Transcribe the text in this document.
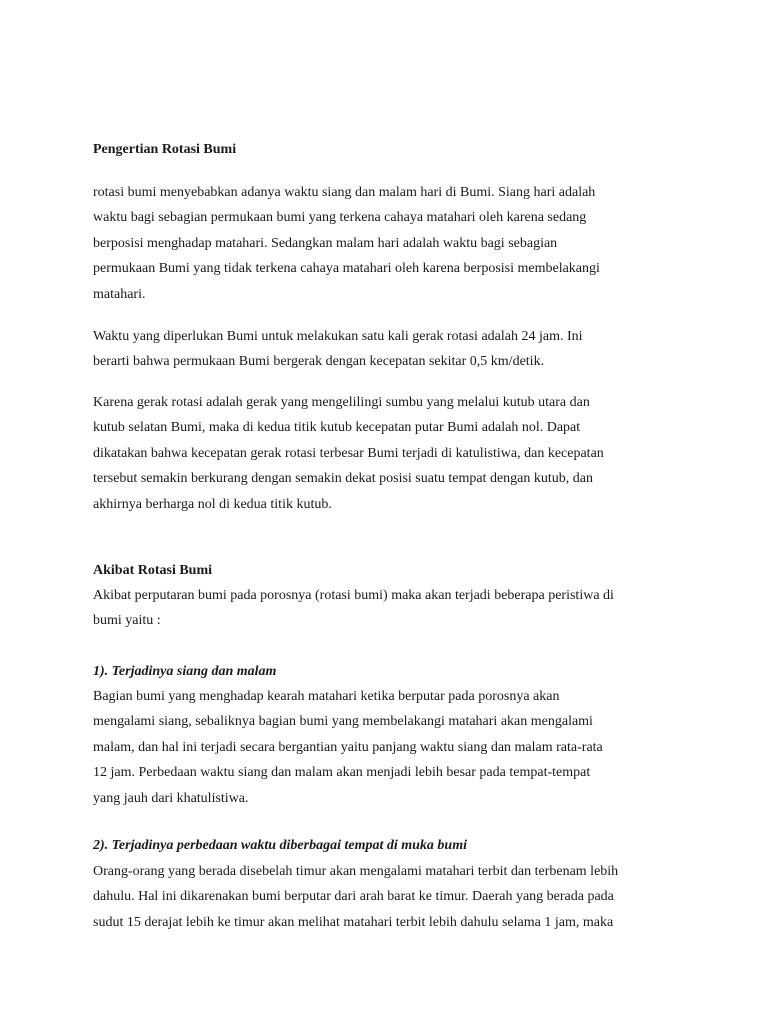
Pengertian Rotasi Bumi

rotasi bumi menyebabkan adanya waktu siang dan malam hari di Bumi. Siang hari adalah
waktu bagi sebagian permukaan bumi yang terkena cahaya matahari oleh karena sedang
berposisi menghadap matahari. Sedangkan malam hari adalah waktu bagi sebagian
permukaan Bumi yang tidak terkena cahaya matahari oleh karena berposisi membelakangi
matahari.

Waktu yang diperlukan Bumi untuk melakukan satu kali gerak rotasi adalah 24 jam. Ini
berarti bahwa permukaan Bumi bergerak dengan kecepatan sekitar 0,5 km/detik.

Karena gerak rotasi adalah gerak yang mengelilingi sumbu yang melalui kutub utara dan
kutub selatan Bumi, maka di kedua titik kutub kecepatan putar Bumi adalah nol. Dapat
dikatakan bahwa kecepatan gerak rotasi terbesar Bumi terjadi di katulistiwa, dan kecepatan
tersebut semakin berkurang dengan semakin dekat posisi suatu tempat dengan kutub, dan
akhirnya berharga nol di kedua titik kutub.

Akibat Rotasi Bumi

Akibat perputaran bumi pada porosnya (rotasi bumi) maka akan terjadi beberapa peristiwa di
bumi yaitu :

1). Terjadinya siang dan malam

Bagian bumi yang menghadap kearah matahari ketika berputar pada porosnya akan
mengalami siang, sebaliknya bagian bumi yang membelakangi matahari akan mengalami
malam, dan hal ini terjadi secara bergantian yaitu panjang waktu siang dan malam rata-rata
12 jam. Perbedaan waktu siang dan malam akan menjadi lebih besar pada tempat-tempat
yang jauh dari khatulistiwa.

2). Terjadinya perbedaan waktu diberbagai tempat di muka bumi

Orang-orang yang berada disebelah timur akan mengalami matahari terbit dan terbenam lebih
dahulu. Hal ini dikarenakan bumi berputar dari arah barat ke timur. Daerah yang berada pada
sudut 15 derajat lebih ke timur akan melihat matahari terbit lebih dahulu selama 1 jam, maka
